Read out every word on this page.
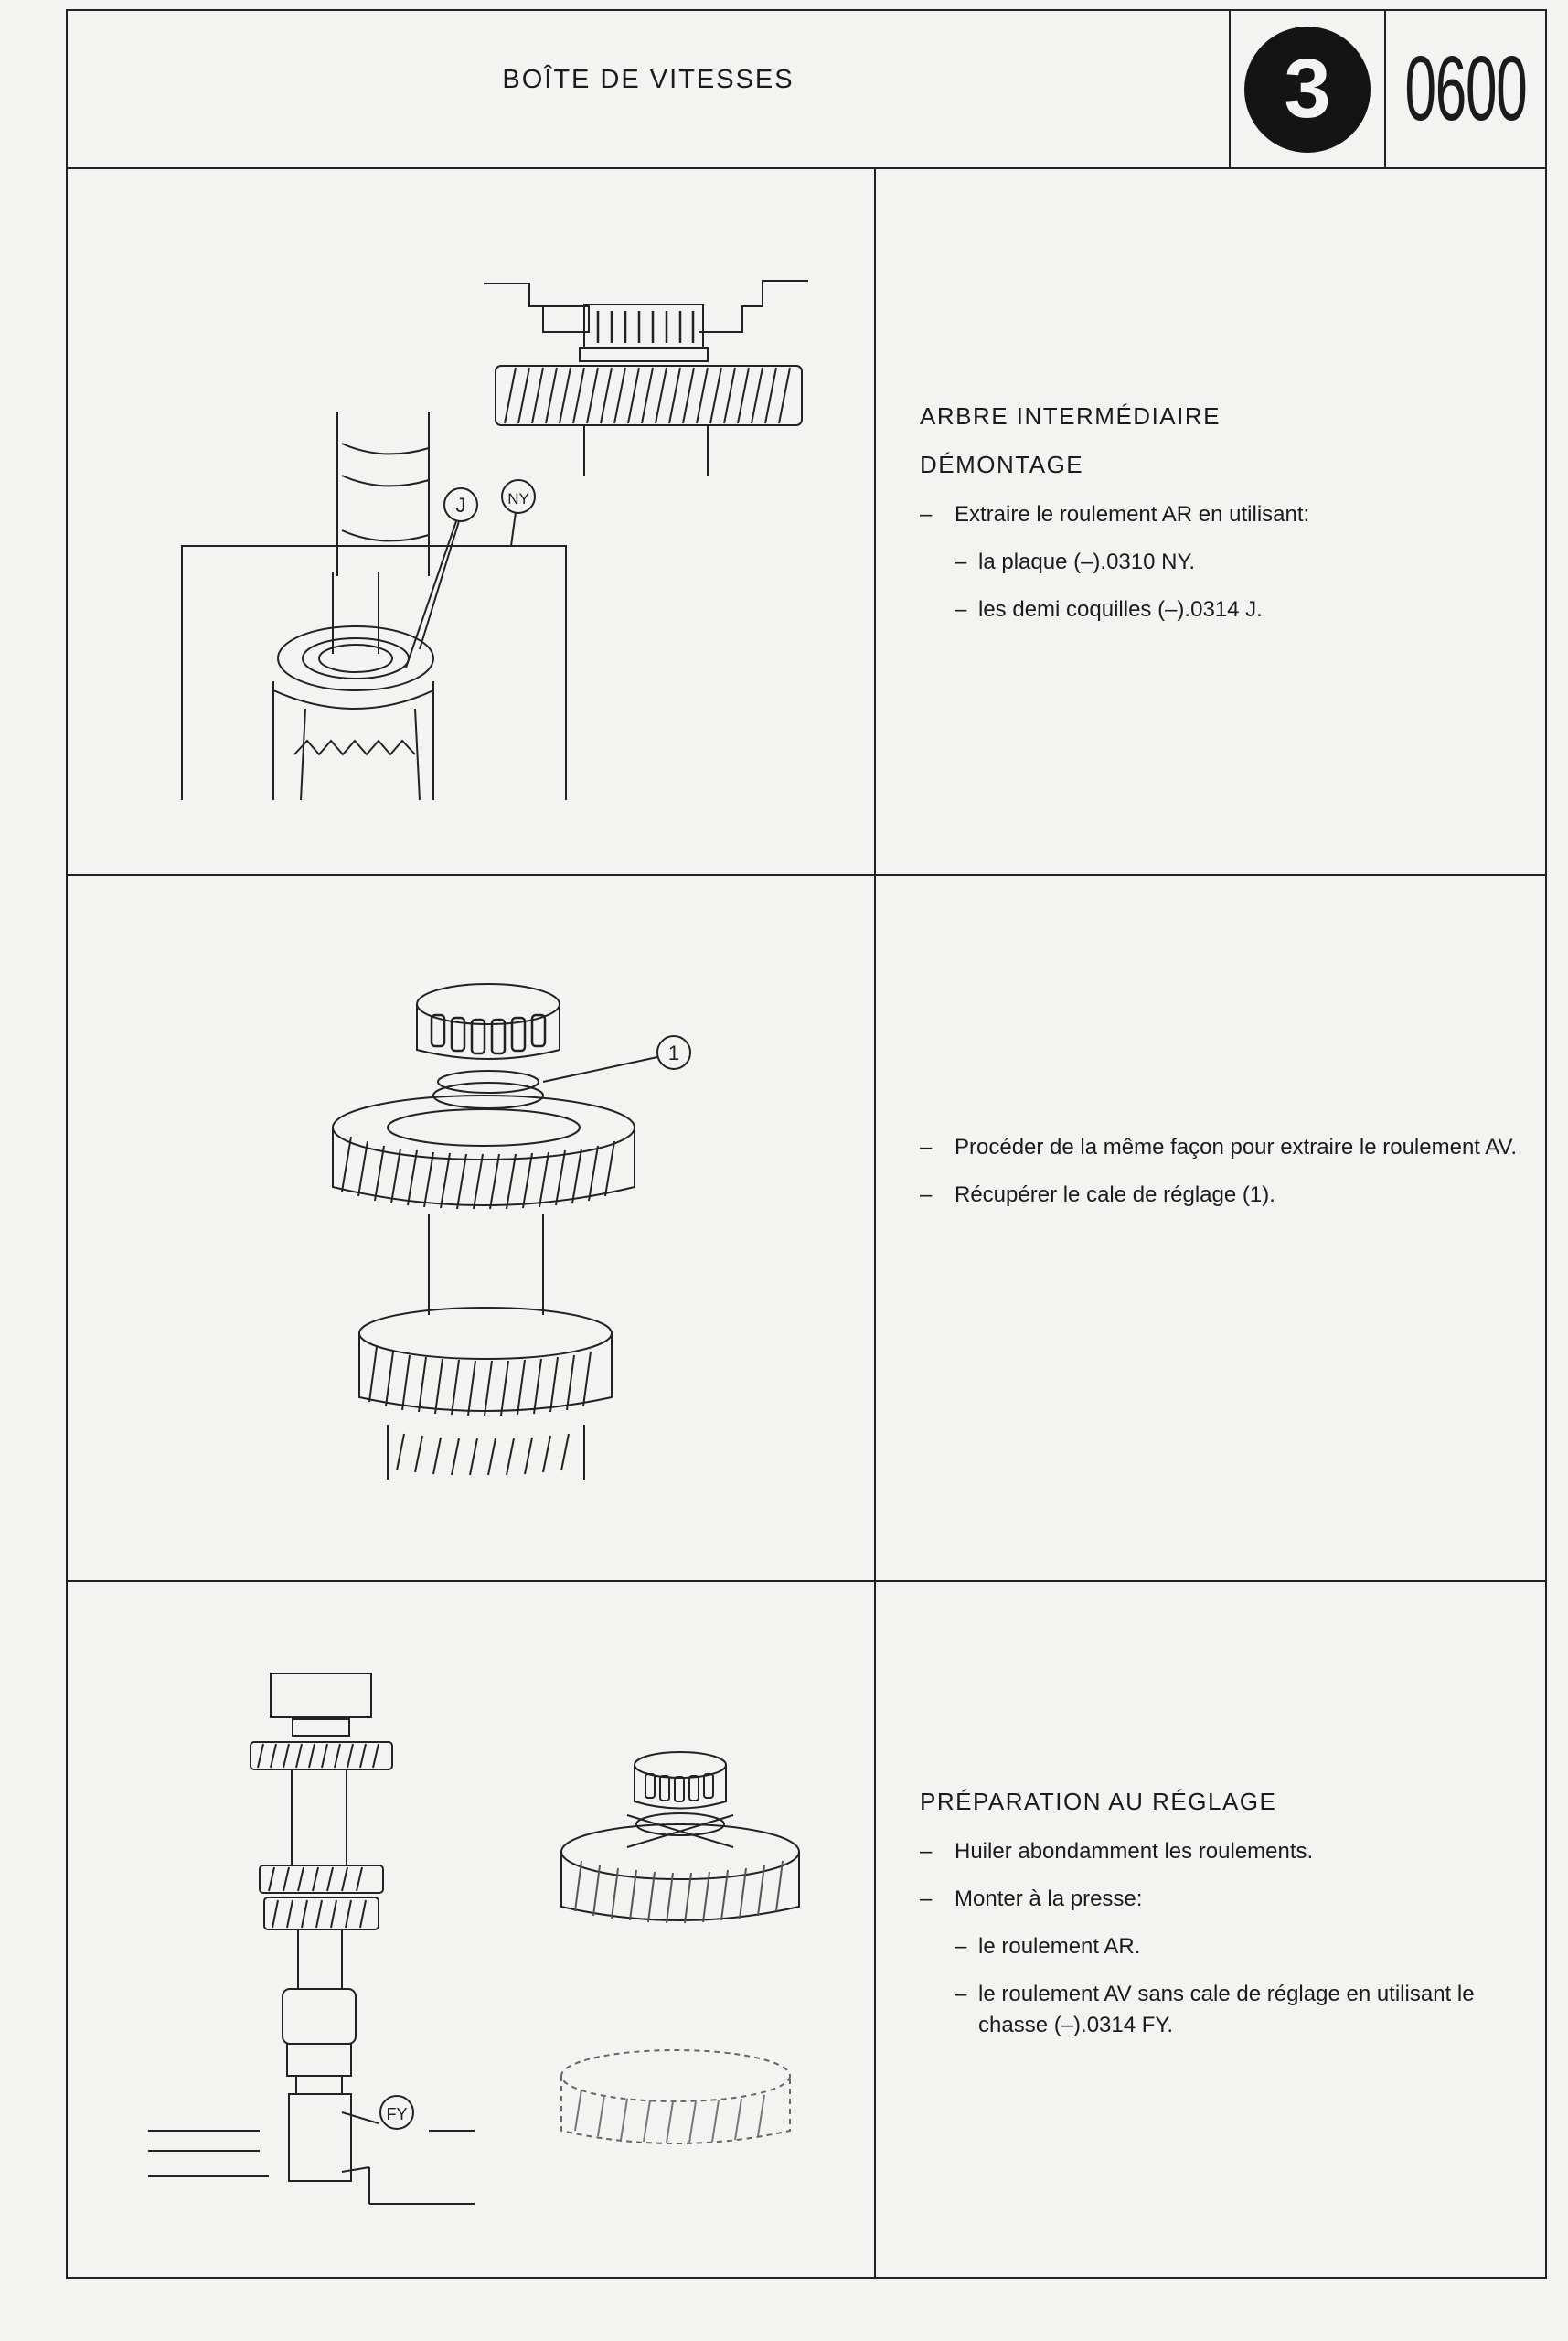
BOÎTE DE VITESSES	3 0600
J	NY
ARBRE INTERMÉDIAIRE
DÉMONTAGE
–	Extraire le roulement AR en utilisant:
– la plaque (–).0310 NY.
– les demi coquilles (–).0314 J.
1
–	Procéder de la même façon pour extraire le roulement AV.
–	Récupérer le cale de réglage (1).
FY
PRÉPARATION AU RÉGLAGE
–	Huiler abondamment les roulements.
–	Monter à la presse:
– le roulement AR.
– le roulement AV sans cale de réglage en utilisant le chasse (–).0314 FY.
